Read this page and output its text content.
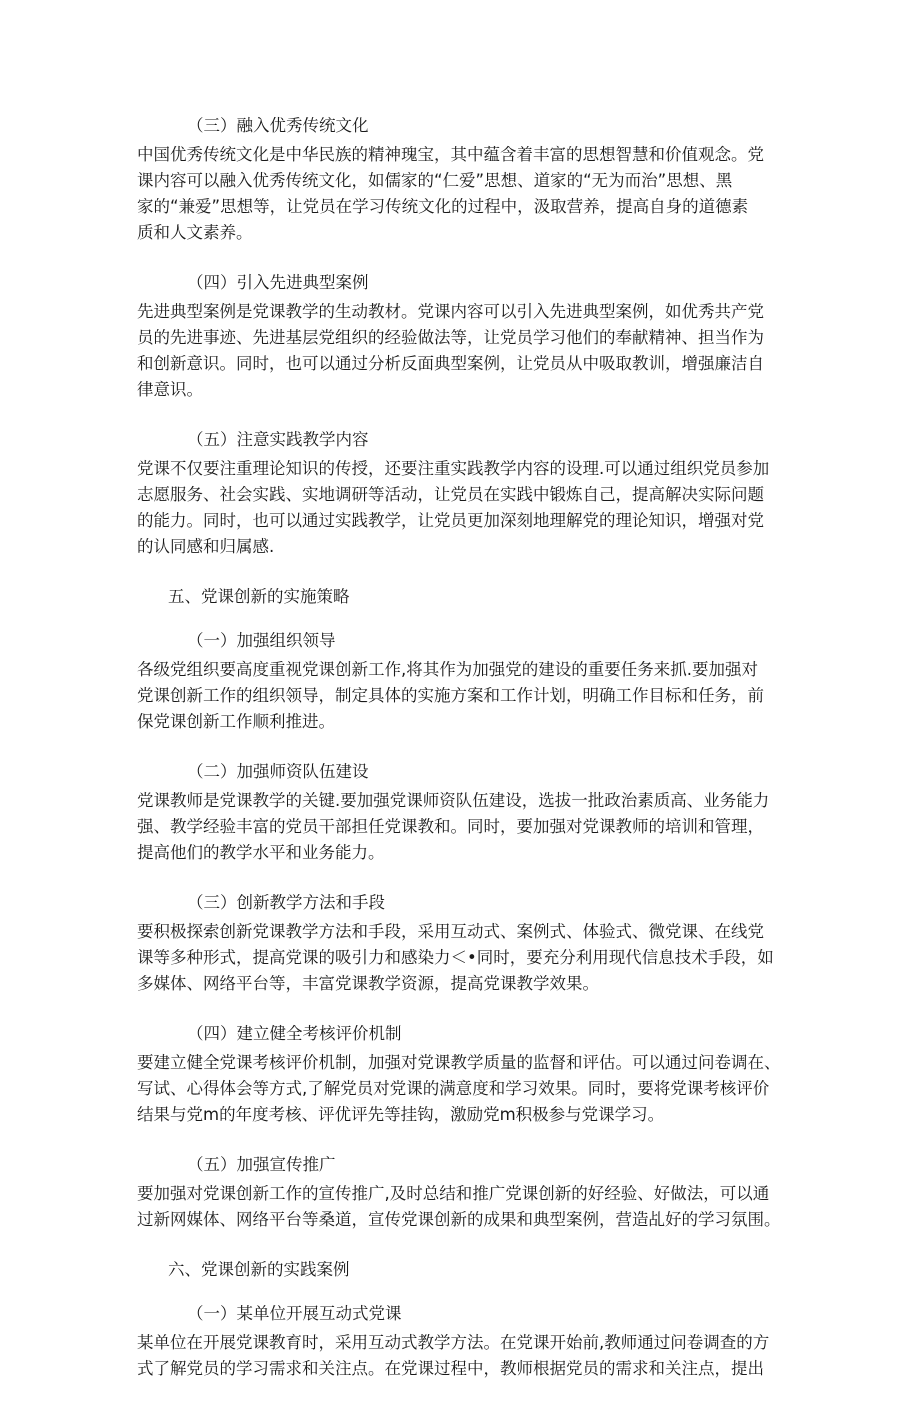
（三）融入优秀传统文化

中国优秀传统文化是中华民族的精神瑰宝，其中蕴含着丰富的思想智慧和价值观念。党
课内容可以融入优秀传统文化，如儒家的“仁爱”思想、道家的“无为而治”思想、黑
家的“兼爱”思想等，让党员在学习传统文化的过程中，汲取营养，提高自身的道德素
质和人文素养。

（四）引入先进典型案例

先进典型案例是党课教学的生动教材。党课内容可以引入先进典型案例，如优秀共产党
员的先进事迹、先进基层党组织的经验做法等，让党员学习他们的奉献精神、担当作为
和创新意识。同时，也可以通过分析反面典型案例，让党员从中吸取教训，增强廉洁自
律意识。

（五）注意实践教学内容

党课不仅要注重理论知识的传授，还要注重实践教学内容的设理.可以通过组织党员参加
志愿服务、社会实践、实地调研等活动，让党员在实践中锻炼自己，提高解决实际问题
的能力。同时，也可以通过实践教学，让党员更加深刻地理解党的理论知识，增强对党
的认同感和归属感.

五、党课创新的实施策略

（一）加强组织领导

各级党组织要高度重视党课创新工作,将其作为加强党的建设的重要任务来抓.要加强对
党课创新工作的组织领导，制定具体的实施方案和工作计划，明确工作目标和任务，前
保党课创新工作顺利推进。

（二）加强师资队伍建设

党课教师是党课教学的关键.要加强党课师资队伍建设，选拔一批政治素质高、业务能力
强、教学经验丰富的党员干部担任党课教和。同时，要加强对党课教师的培训和管理，
提高他们的教学水平和业务能力。

（三）创新教学方法和手段

要积极探索创新党课教学方法和手段，采用互动式、案例式、体验式、微党课、在线党
课等多种形式，提高党课的吸引力和感染力＜•同时，要充分利用现代信息技术手段，如
多媒体、网络平台等，丰富党课教学资源，提高党课教学效果。

（四）建立健全考核评价机制

要建立健全党课考核评价机制，加强对党课教学质量的监督和评估。可以通过问卷调在、
写试、心得体会等方式,了解党员对党课的满意度和学习效果。同时，要将党课考核评价
结果与党m的年度考核、评优评先等挂钩，激励党m积极参与党课学习。

（五）加强宣传推广

要加强对党课创新工作的宣传推广,及时总结和推广党课创新的好经验、好做法，可以通
过新网媒体、网络平台等桑道，宣传党课创新的成果和典型案例，营造乩好的学习氛围。

六、党课创新的实践案例

（一）某单位开展互动式党课

某单位在开展党课教育时，采用互动式教学方法。在党课开始前,教师通过问卷调查的方
式了解党员的学习需求和关注点。在党课过程中，教师根据党员的需求和关注点，提出
